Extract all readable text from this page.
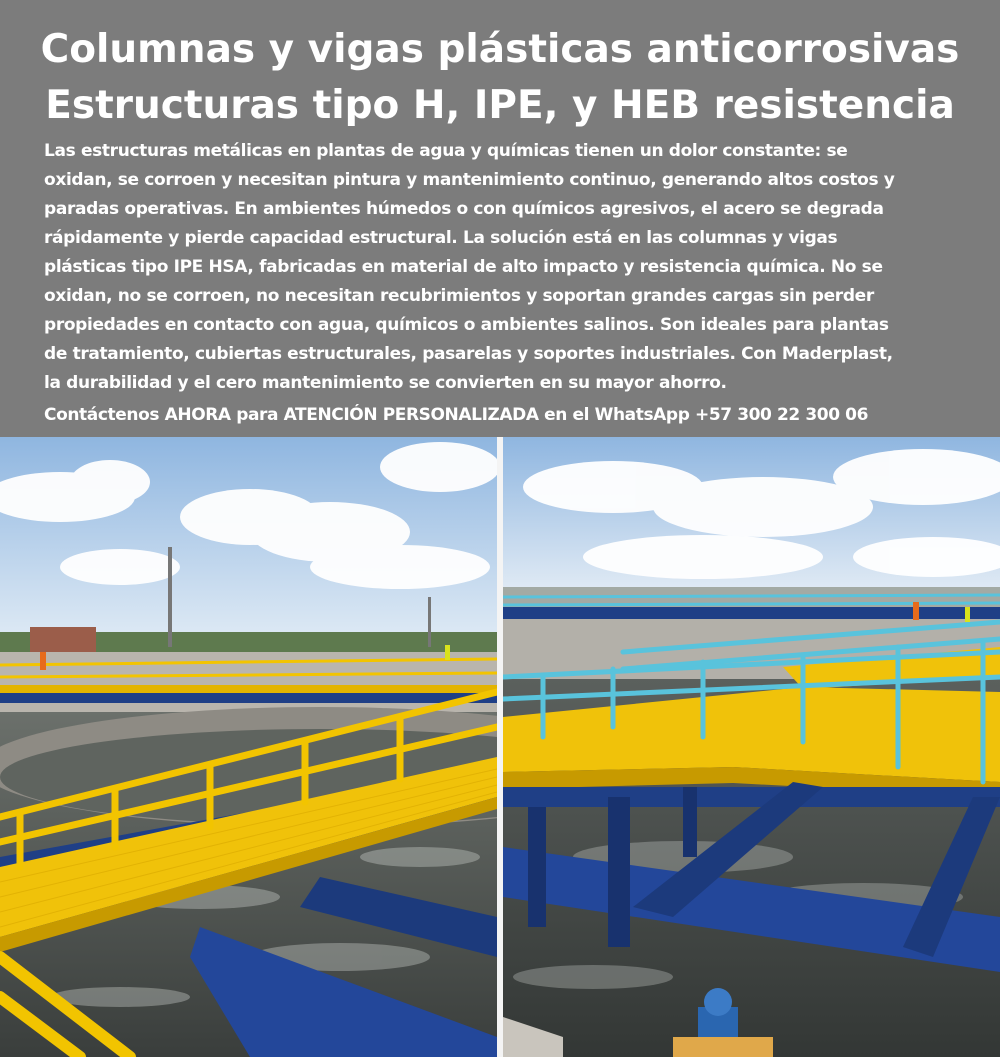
Columnas y vigas plásticas anticorrosivas
Estructuras tipo H, IPE, y HEB resistencia
Las estructuras metálicas en plantas de agua y químicas tienen un dolor constante: se
oxidan, se corroen y necesitan pintura y mantenimiento continuo, generando altos costos y
paradas operativas. En ambientes húmedos o con químicos agresivos, el acero se degrada
rápidamente y pierde capacidad estructural. La solución está en las columnas y vigas
plásticas tipo IPE HSA, fabricadas en material de alto impacto y resistencia química. No se
oxidan, no se corroen, no necesitan recubrimientos y soportan grandes cargas sin perder
propiedades en contacto con agua, químicos o ambientes salinos. Son ideales para plantas
de tratamiento, cubiertas estructurales, pasarelas y soportes industriales. Con Maderplast,
la durabilidad y el cero mantenimiento se convierten en su mayor ahorro.
Contáctenos AHORA para ATENCIÓN PERSONALIZADA en el WhatsApp +57 300 22 300 06
